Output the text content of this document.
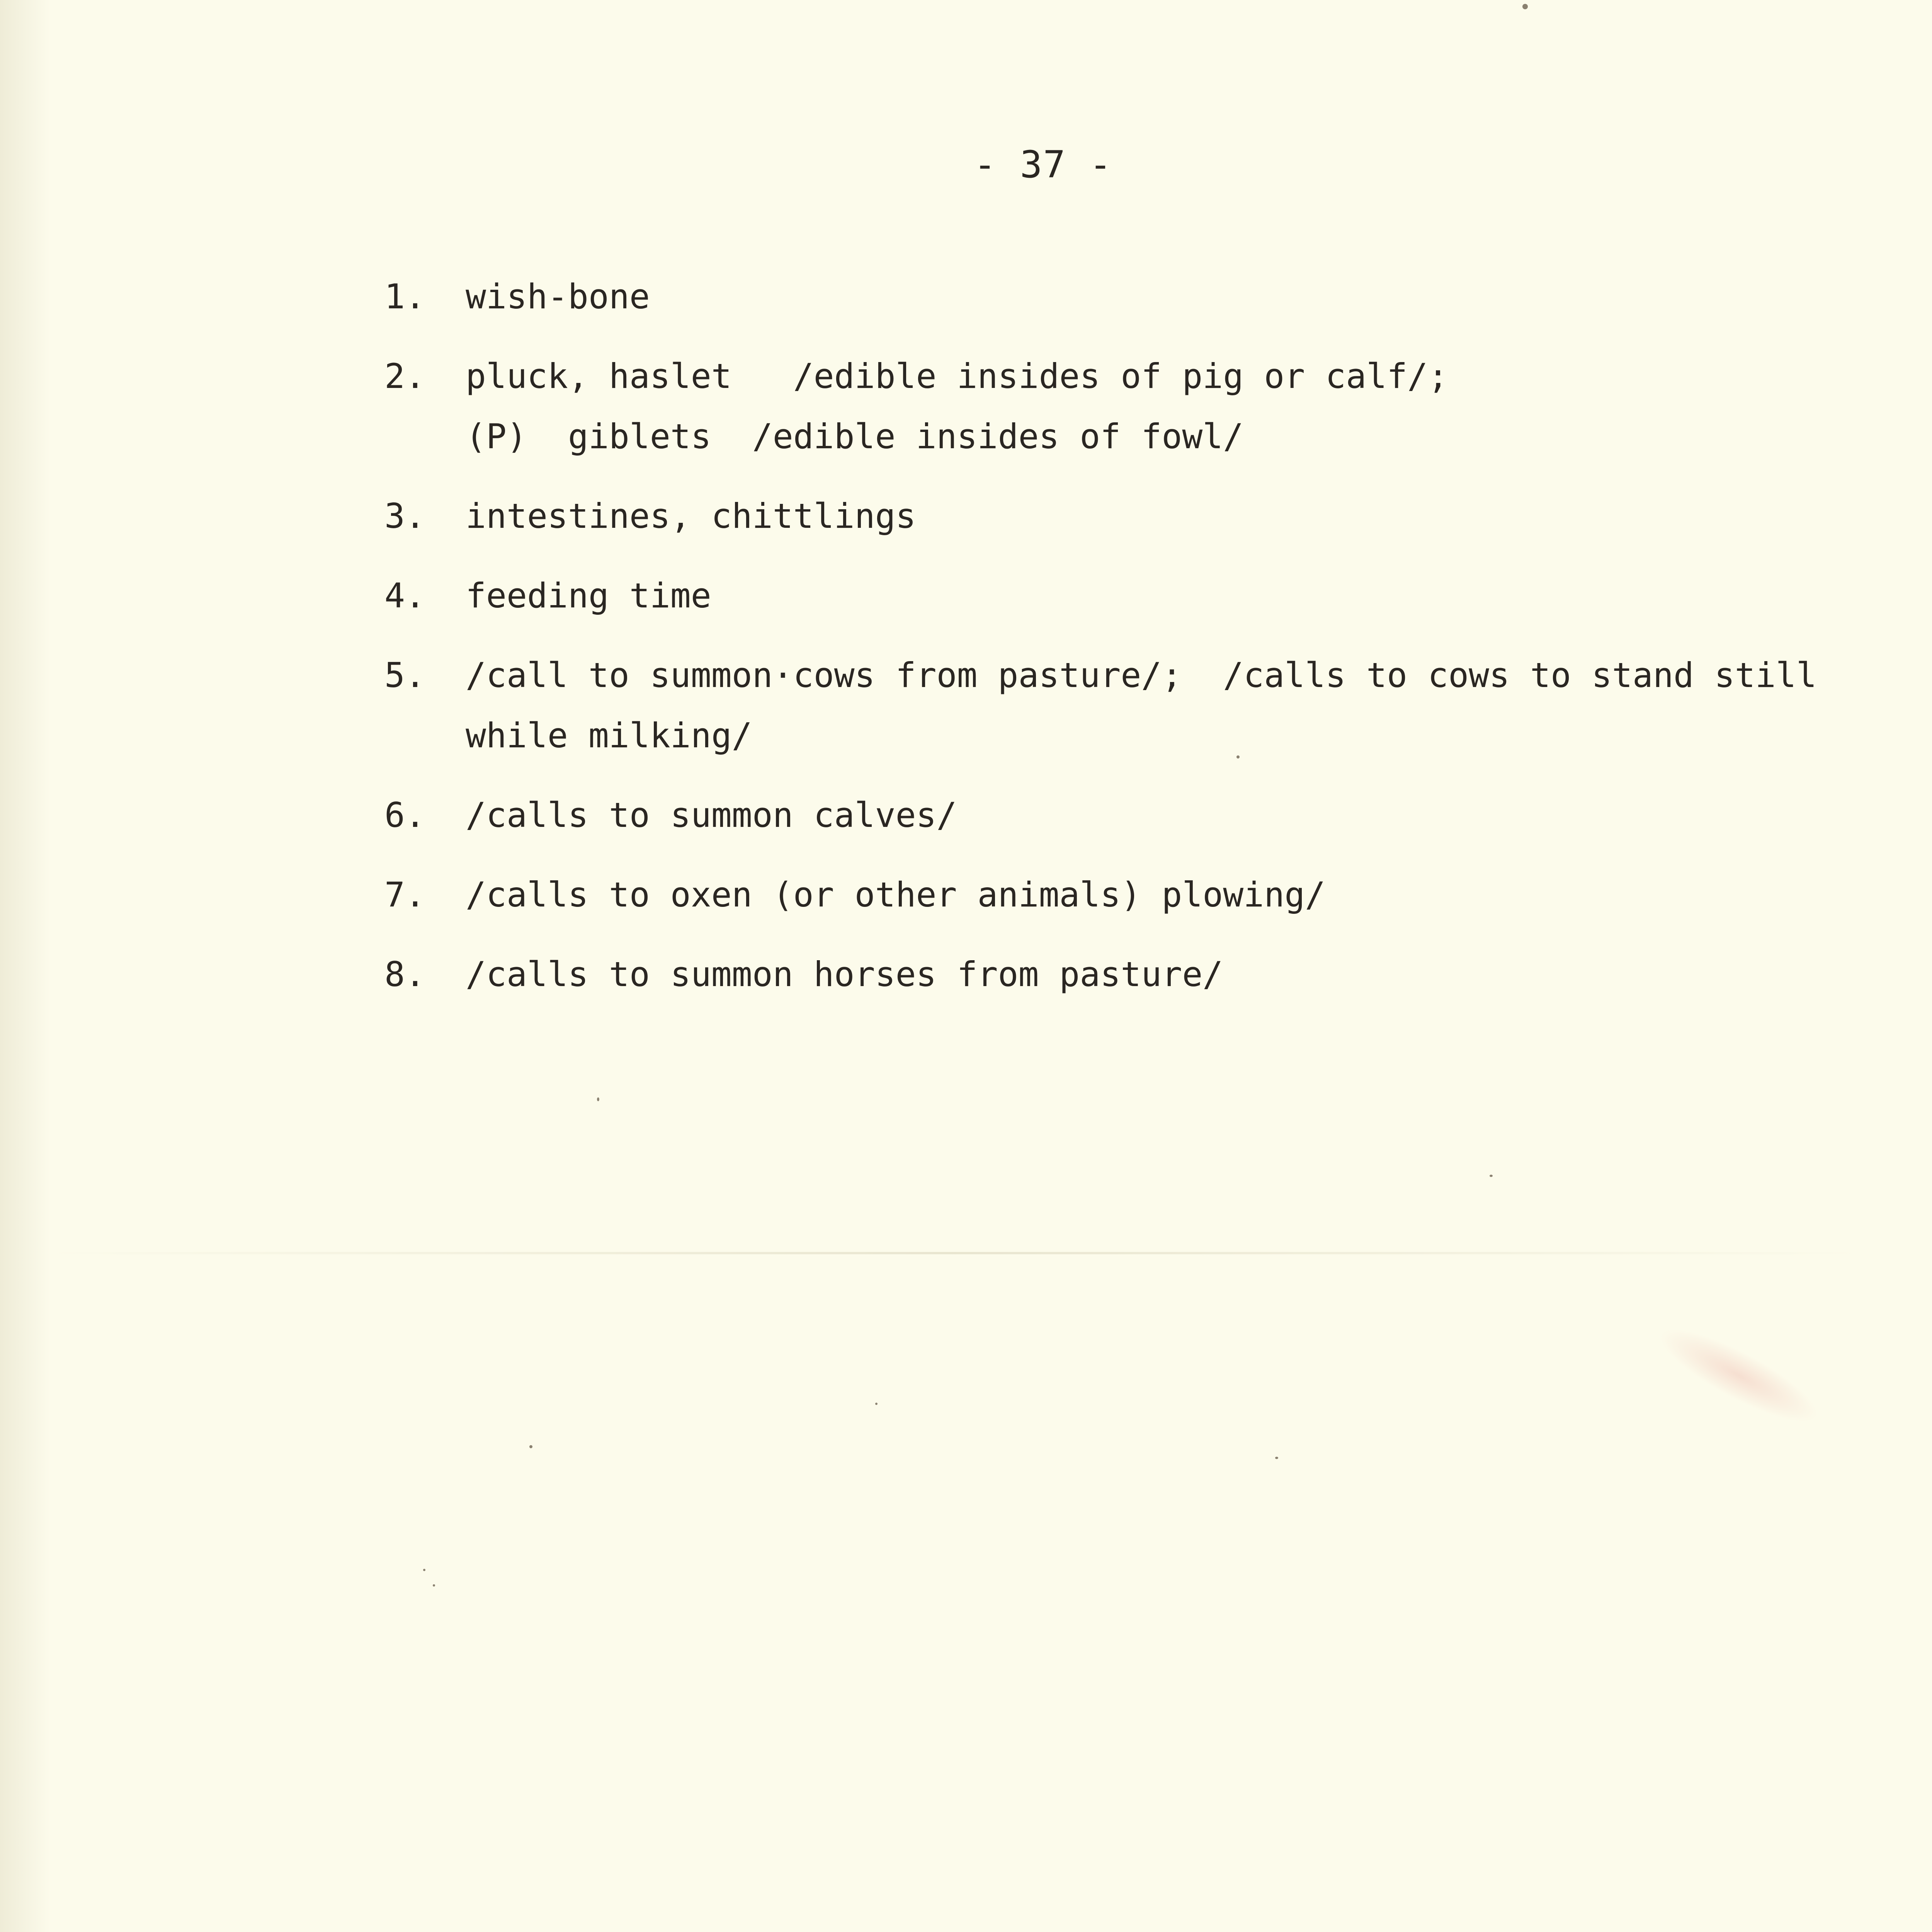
- 37 -
1. wish-bone
2. pluck, haslet   /edible insides of pig or calf/;
(P)  giblets  /edible insides of fowl/
3. intestines, chittlings
4. feeding time
5. /call to summon·cows from pasture/;  /calls to cows to stand still
while milking/
6. /calls to summon calves/
7. /calls to oxen (or other animals) plowing/
8. /calls to summon horses from pasture/
